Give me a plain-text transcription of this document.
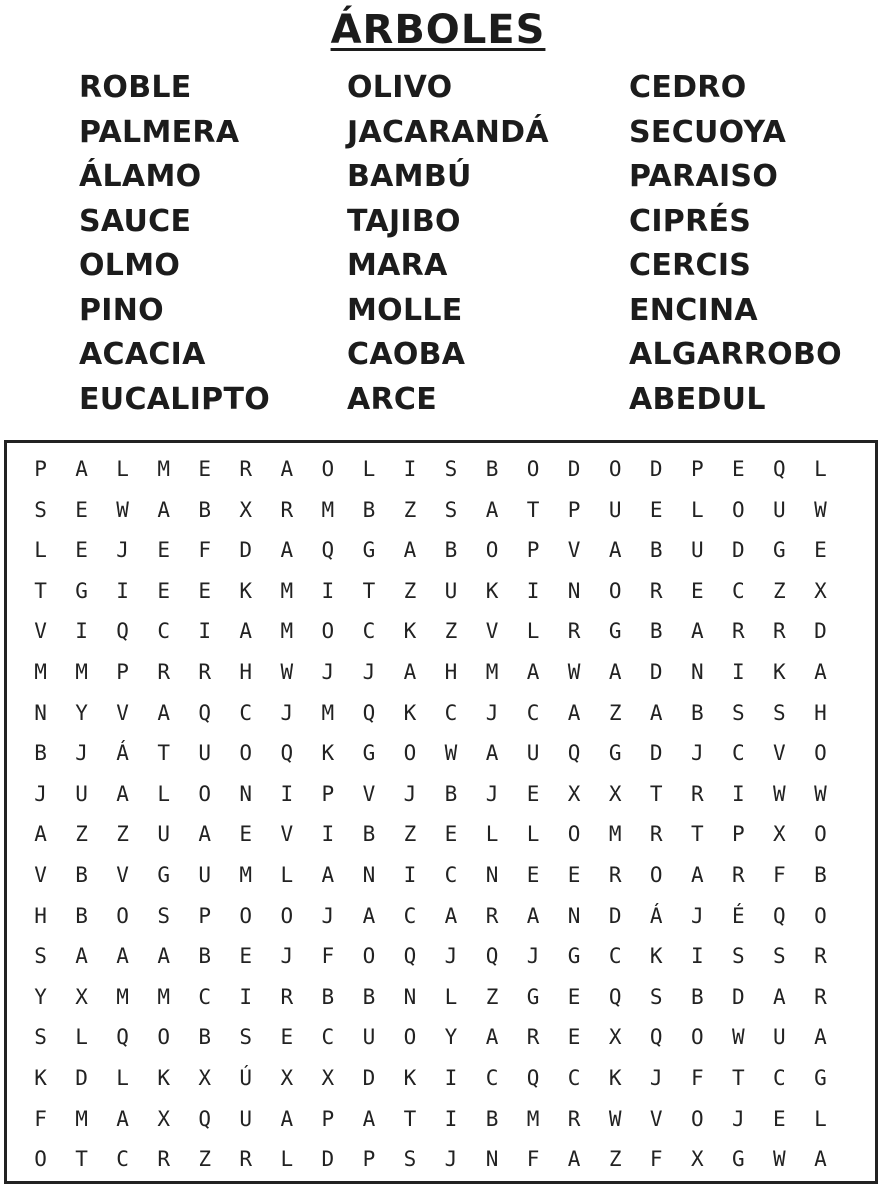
ÁRBOLES
ROBLE
PALMERA
ÁLAMO
SAUCE
OLMO
PINO
ACACIA
EUCALIPTO
OLIVO
JACARANDÁ
BAMBÚ
TAJIBO
MARA
MOLLE
CAOBA
ARCE
CEDRO
SECUOYA
PARAISO
CIPRÉS
CERCIS
ENCINA
ALGARROBO
ABEDUL
P	A	L	M	E	R	A	O	L	I	S	B	O	D	O	D	P	E	Q	L
S	E	W	A	B	X	R	M	B	Z	S	A	T	P	U	E	L	O	U	W
L	E	J	E	F	D	A	Q	G	A	B	O	P	V	A	B	U	D	G	E
T	G	I	E	E	K	M	I	T	Z	U	K	I	N	O	R	E	C	Z	X
V	I	Q	C	I	A	M	O	C	K	Z	V	L	R	G	B	A	R	R	D
M	M	P	R	R	H	W	J	J	A	H	M	A	W	A	D	N	I	K	A
N	Y	V	A	Q	C	J	M	Q	K	C	J	C	A	Z	A	B	S	S	H
B	J	Á	T	U	O	Q	K	G	O	W	A	U	Q	G	D	J	C	V	O
J	U	A	L	O	N	I	P	V	J	B	J	E	X	X	T	R	I	W	W
A	Z	Z	U	A	E	V	I	B	Z	E	L	L	O	M	R	T	P	X	O
V	B	V	G	U	M	L	A	N	I	C	N	E	E	R	O	A	R	F	B
H	B	O	S	P	O	O	J	A	C	A	R	A	N	D	Á	J	É	Q	O
S	A	A	A	B	E	J	F	O	Q	J	Q	J	G	C	K	I	S	S	R
Y	X	M	M	C	I	R	B	B	N	L	Z	G	E	Q	S	B	D	A	R
S	L	Q	O	B	S	E	C	U	O	Y	A	R	E	X	Q	O	W	U	A
K	D	L	K	X	Ú	X	X	D	K	I	C	Q	C	K	J	F	T	C	G
F	M	A	X	Q	U	A	P	A	T	I	B	M	R	W	V	O	J	E	L
O	T	C	R	Z	R	L	D	P	S	J	N	F	A	Z	F	X	G	W	A
